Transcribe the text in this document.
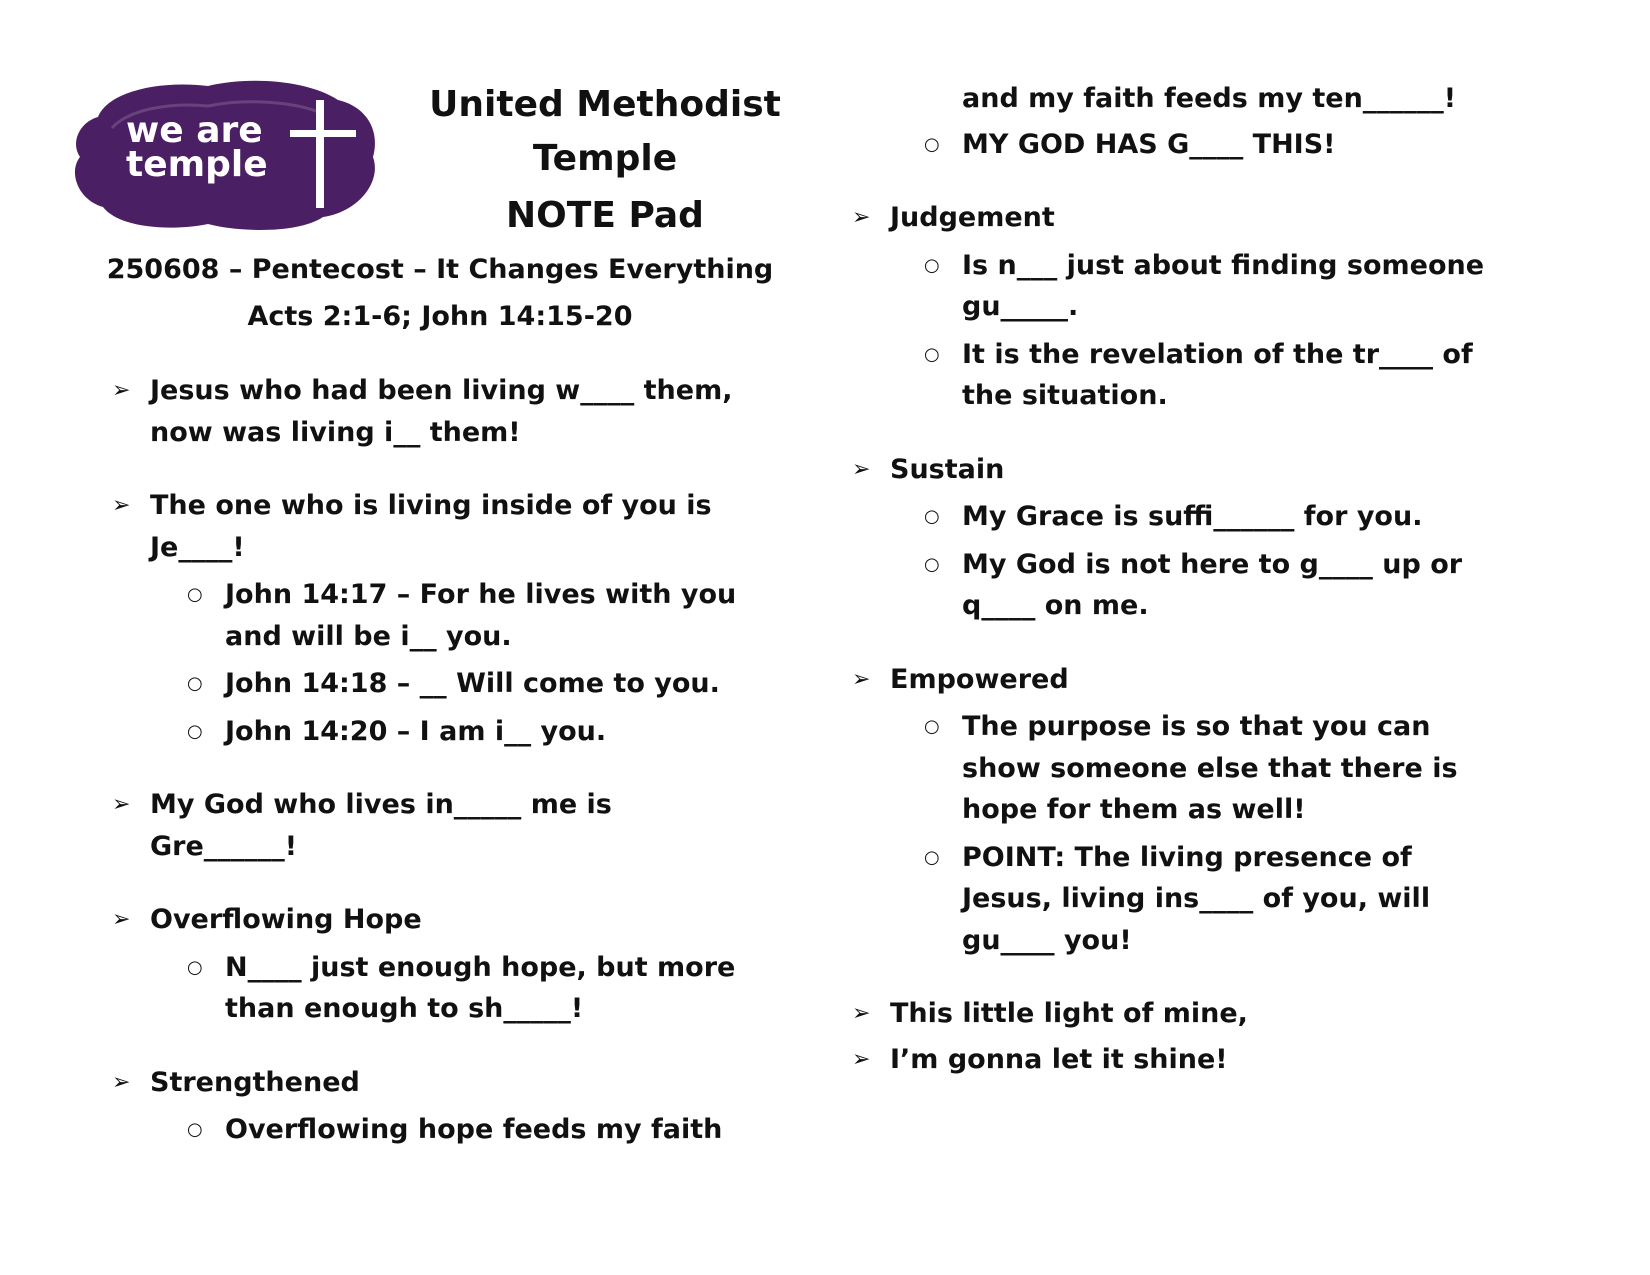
we are
temple
United Methodist
Temple
NOTE Pad
250608 – Pentecost – It Changes Everything
Acts 2:1-6; John 14:15-20
➢ Jesus who had been living w____ them,
now was living i__ them!
➢ The one who is living inside of you is
Je____!
○ John 14:17 – For he lives with you
and will be i__ you.
○ John 14:18 – __ Will come to you.
○ John 14:20 – I am i__ you.
➢ My God who lives in_____ me is
Gre______!
➢ Overflowing Hope
○ N____ just enough hope, but more
than enough to sh_____!
➢ Strengthened
○ Overflowing hope feeds my faith
and my faith feeds my ten______!
○ MY GOD HAS G____ THIS!
➢ Judgement
○ Is n___ just about finding someone
gu_____.
○ It is the revelation of the tr____ of
the situation.
➢ Sustain
○ My Grace is suffi______ for you.
○ My God is not here to g____ up or
q____ on me.
➢ Empowered
○ The purpose is so that you can
show someone else that there is
hope for them as well!
○ POINT: The living presence of
Jesus, living ins____ of you, will
gu____ you!
➢ This little light of mine,
➢ I’m gonna let it shine!
